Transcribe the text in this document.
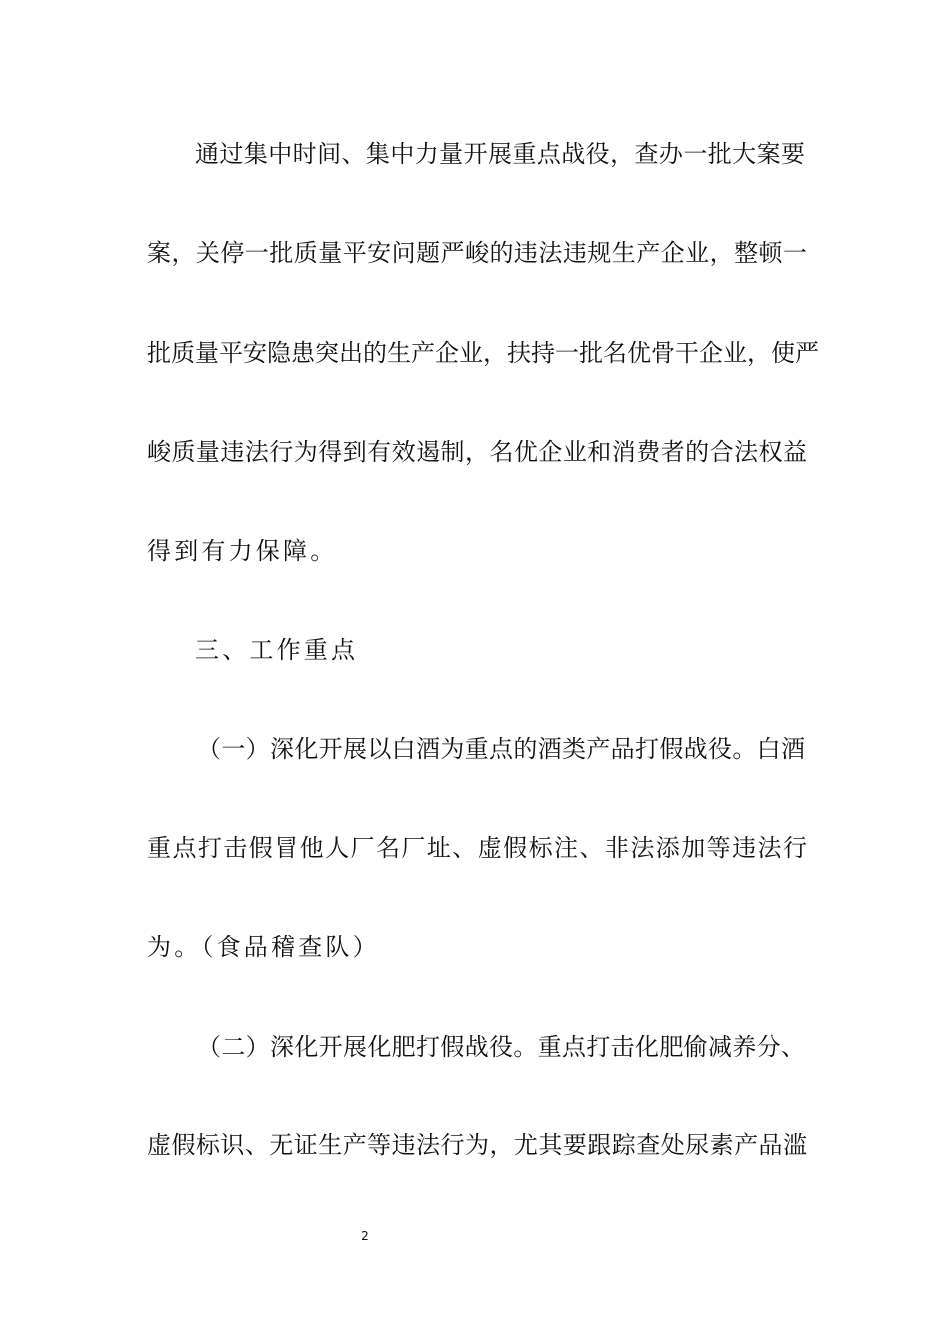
通过集中时间、集中力量开展重点战役，查办一批大案要
案，关停一批质量平安问题严峻的违法违规生产企业，整顿一
批质量平安隐患突出的生产企业，扶持一批名优骨干企业，使严
峻质量违法行为得到有效遏制，名优企业和消费者的合法权益
得到有力保障。
三、工作重点
（一）深化开展以白酒为重点的酒类产品打假战役。白酒
重点打击假冒他人厂名厂址、虚假标注、非法添加等违法行
为。（食品稽查队）
（二）深化开展化肥打假战役。重点打击化肥偷减养分、
虚假标识、无证生产等违法行为，尤其要跟踪查处尿素产品滥
2
